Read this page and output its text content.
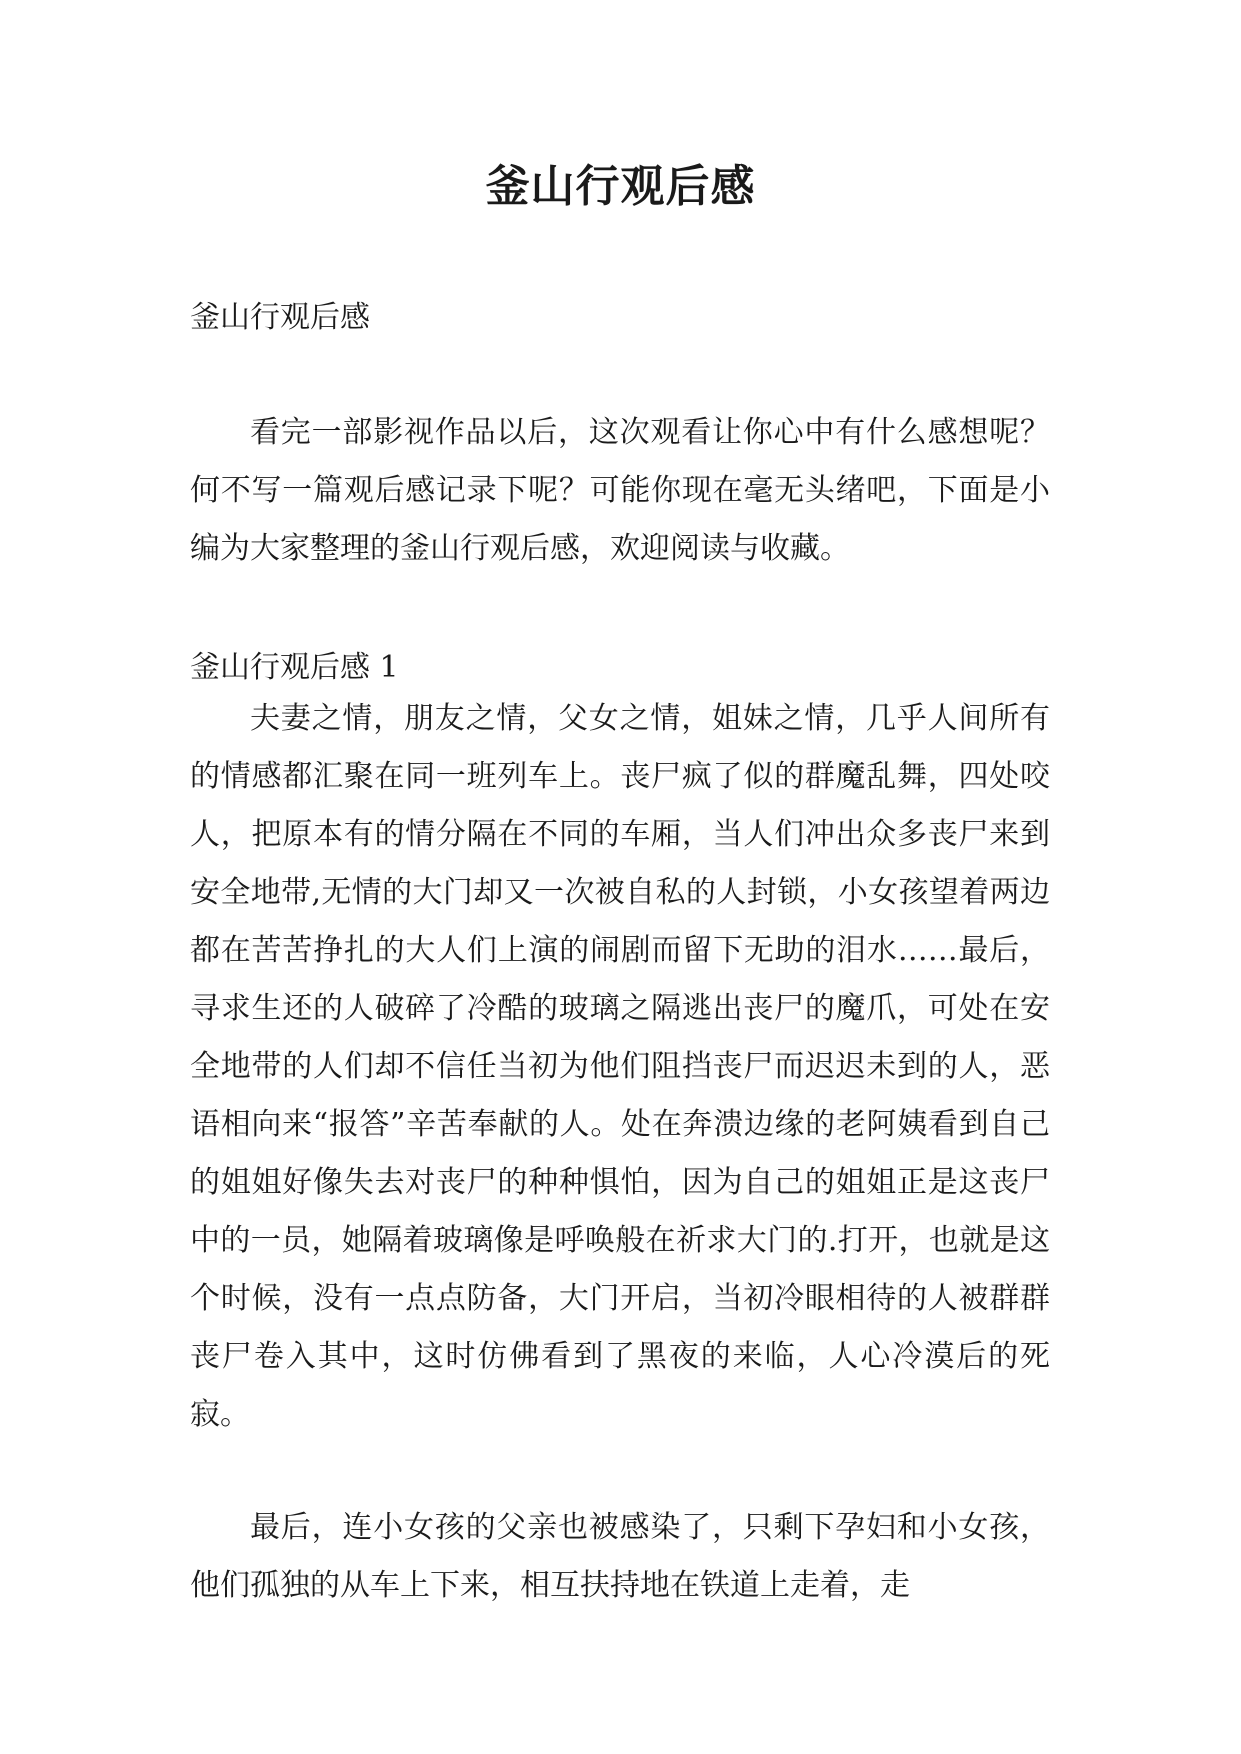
釜山行观后感

釜山行观后感

看完一部影视作品以后，这次观看让你心中有什么感想呢？何不写一篇观后感记录下呢？可能你现在毫无头绪吧，下面是小编为大家整理的釜山行观后感，欢迎阅读与收藏。

釜山行观后感 1

夫妻之情，朋友之情，父女之情，姐妹之情，几乎人间所有的情感都汇聚在同一班列车上。丧尸疯了似的群魔乱舞，四处咬人，把原本有的情分隔在不同的车厢，当人们冲出众多丧尸来到安全地带,无情的大门却又一次被自私的人封锁，小女孩望着两边都在苦苦挣扎的大人们上演的闹剧而留下无助的泪水……最后，寻求生还的人破碎了冷酷的玻璃之隔逃出丧尸的魔爪，可处在安全地带的人们却不信任当初为他们阻挡丧尸而迟迟未到的人，恶语相向来“报答”辛苦奉献的人。处在奔溃边缘的老阿姨看到自己的姐姐好像失去对丧尸的种种惧怕，因为自己的姐姐正是这丧尸中的一员，她隔着玻璃像是呼唤般在祈求大门的.打开，也就是这个时候，没有一点点防备，大门开启，当初冷眼相待的人被群群丧尸卷入其中，这时仿佛看到了黑夜的来临，人心冷漠后的死寂。

最后，连小女孩的父亲也被感染了，只剩下孕妇和小女孩，他们孤独的从车上下来，相互扶持地在铁道上走着，走
